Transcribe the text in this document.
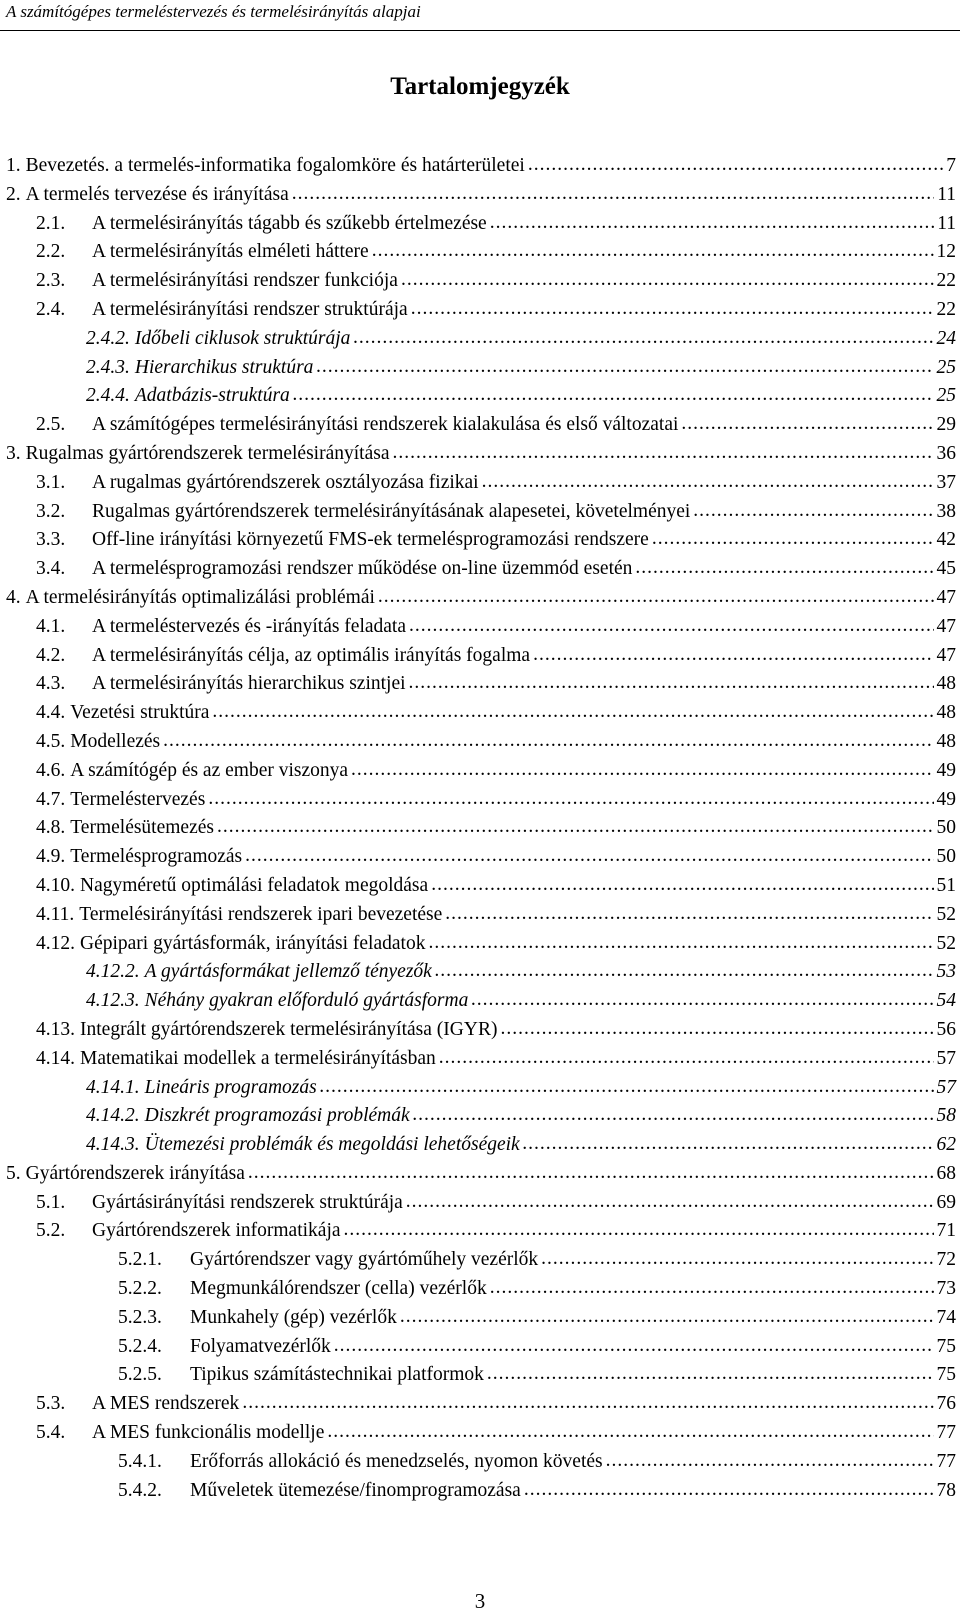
A számítógépes termeléstervezés és termelésirányítás alapjai
Tartalomjegyzék
1. Bevezetés. a termelés-informatika fogalomköre és határterületei .....	7
2. A termelés tervezése és irányítása .....	11
2.1.	A termelésirányítás tágabb és szűkebb értelmezése .....	11
2.2.	A termelésirányítás elméleti háttere .....	12
2.3.	A termelésirányítási rendszer funkciója .....	22
2.4.	A termelésirányítási rendszer struktúrája .....	22
2.4.2. Időbeli ciklusok struktúrája .....	24
2.4.3. Hierarchikus struktúra .....	25
2.4.4. Adatbázis-struktúra .....	25
2.5.	A számítógépes termelésirányítási rendszerek kialakulása és első változatai .....	29
3. Rugalmas gyártórendszerek termelésirányítása .....	36
3.1.	A rugalmas gyártórendszerek osztályozása fizikai .....	37
3.2.	Rugalmas gyártórendszerek termelésirányításának alapesetei, követelményei .....	38
3.3.	Off-line irányítási környezetű FMS-ek termelésprogramozási rendszere .....	42
3.4.	A termelésprogramozási rendszer működése on-line üzemmód esetén .....	45
4. A termelésirányítás optimalizálási problémái .....	47
4.1.	A termeléstervezés és -irányítás feladata .....	47
4.2.	A termelésirányítás célja, az optimális irányítás fogalma .....	47
4.3.	A termelésirányítás hierarchikus szintjei .....	48
4.4. Vezetési struktúra .....	48
4.5. Modellezés .....	48
4.6. A számítógép és az ember viszonya .....	49
4.7. Termeléstervezés .....	49
4.8. Termelésütemezés .....	50
4.9. Termelésprogramozás .....	50
4.10. Nagyméretű optimálási feladatok megoldása .....	51
4.11. Termelésirányítási rendszerek ipari bevezetése .....	52
4.12. Gépipari gyártásformák, irányítási feladatok .....	52
4.12.2. A gyártásformákat jellemző tényezők .....	53
4.12.3. Néhány gyakran előforduló gyártásforma .....	54
4.13. Integrált gyártórendszerek termelésirányítása (IGYR) .....	56
4.14. Matematikai modellek a termelésirányításban .....	57
4.14.1. Lineáris programozás .....	57
4.14.2. Diszkrét programozási problémák .....	58
4.14.3. Ütemezési problémák és megoldási lehetőségeik .....	62
5. Gyártórendszerek irányítása .....	68
5.1.	Gyártásirányítási rendszerek struktúrája .....	69
5.2.	Gyártórendszerek informatikája .....	71
5.2.1.	Gyártórendszer vagy gyártóműhely vezérlők .....	72
5.2.2.	Megmunkálórendszer (cella) vezérlők .....	73
5.2.3.	Munkahely (gép) vezérlők .....	74
5.2.4.	Folyamatvezérlők .....	75
5.2.5.	Tipikus számítástechnikai platformok .....	75
5.3.	A MES rendszerek .....	76
5.4.	A MES funkcionális modellje .....	77
5.4.1.	Erőforrás allokáció és menedzselés, nyomon követés .....	77
5.4.2.	Műveletek ütemezése/finomprogramozása .....	78
3
